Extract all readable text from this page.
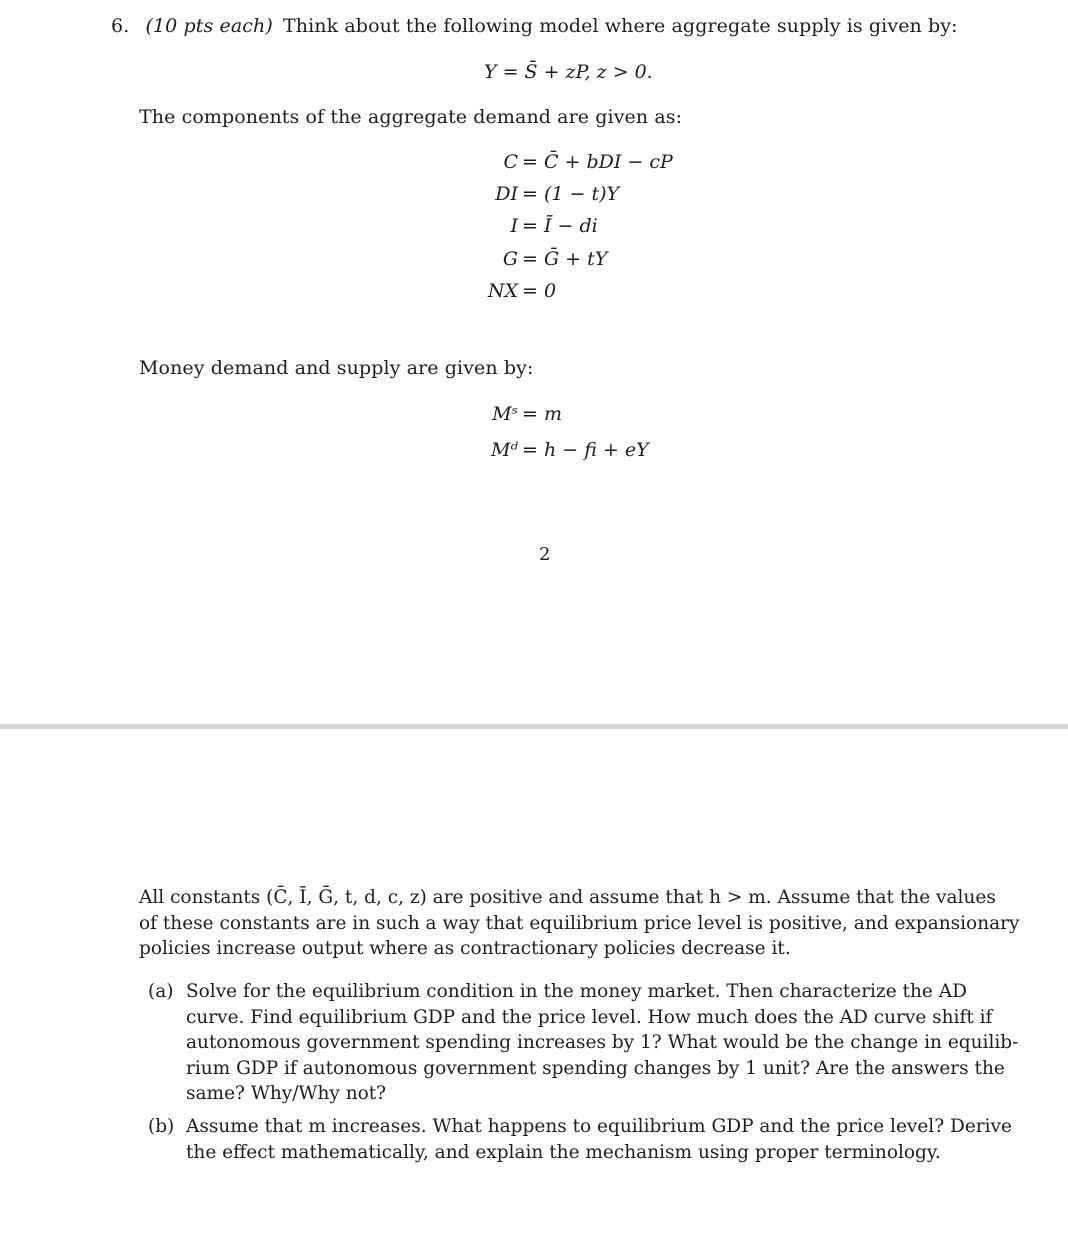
6. (10 pts each) Think about the following model where aggregate supply is given by:
Y = S̄ + zP, z > 0.
The components of the aggregate demand are given as:
C = C̄ + bDI − cP
DI = (1 − t)Y
I = Ī − di
G = Ḡ + tY
NX = 0
Money demand and supply are given by:
Mˢ = m
Mᵈ = h − fi + eY
2
All constants (C̄, Ī, Ḡ, t, d, c, z) are positive and assume that h > m. Assume that the values
of these constants are in such a way that equilibrium price level is positive, and expansionary
policies increase output where as contractionary policies decrease it.
(a) Solve for the equilibrium condition in the money market. Then characterize the AD
curve. Find equilibrium GDP and the price level. How much does the AD curve shift if
autonomous government spending increases by 1? What would be the change in equilib-
rium GDP if autonomous government spending changes by 1 unit? Are the answers the
same? Why/Why not?
(b) Assume that m increases. What happens to equilibrium GDP and the price level? Derive
the effect mathematically, and explain the mechanism using proper terminology.
